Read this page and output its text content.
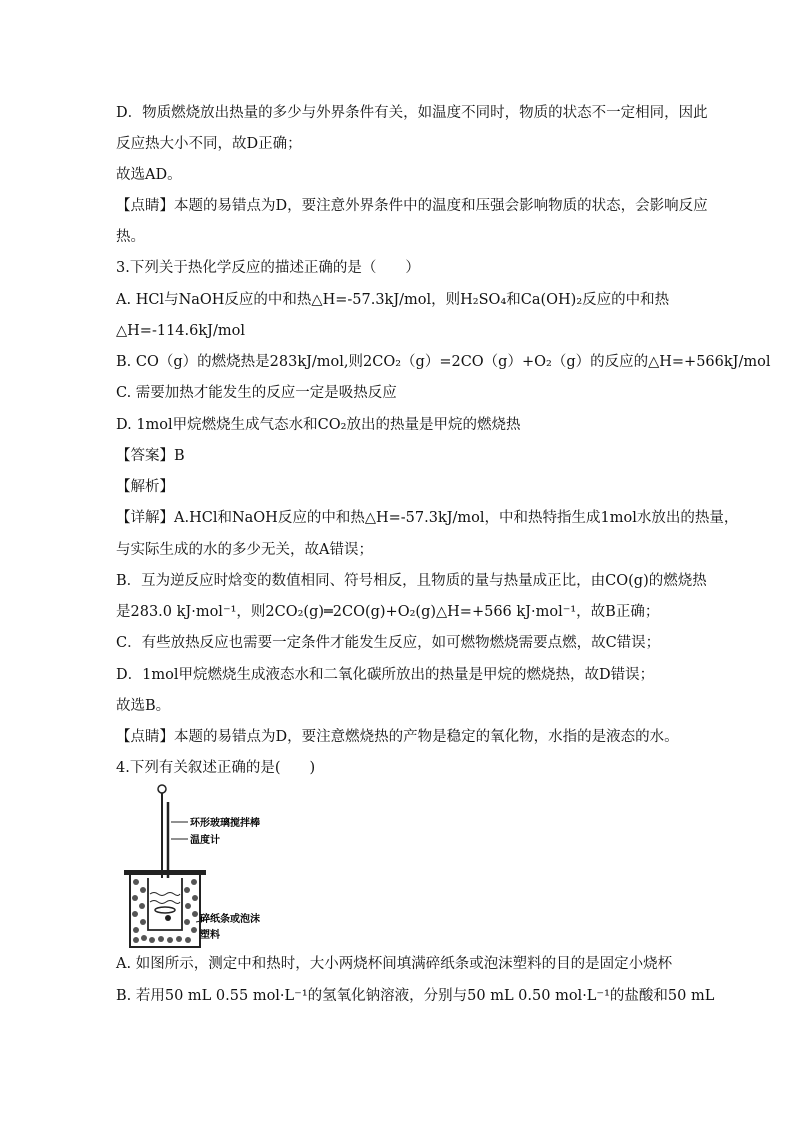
D．物质燃烧放出热量的多少与外界条件有关，如温度不同时，物质的状态不一定相同，因此
反应热大小不同，故D正确；
故选AD。
【点睛】本题的易错点为D，要注意外界条件中的温度和压强会影响物质的状态，会影响反应
热。
3.下列关于热化学反应的描述正确的是（　　）
A. HCl与NaOH反应的中和热△H=-57.3kJ/mol，则H₂SO₄和Ca(OH)₂反应的中和热
△H=-114.6kJ/mol
B. CO（g）的燃烧热是283kJ/mol,则2CO₂（g）=2CO（g）+O₂（g）的反应的△H=+566kJ/mol
C. 需要加热才能发生的反应一定是吸热反应
D. 1mol甲烷燃烧生成气态水和CO₂放出的热量是甲烷的燃烧热
【答案】B
【解析】
【详解】A.HCl和NaOH反应的中和热△H=-57.3kJ/mol，中和热特指生成1mol水放出的热量，
与实际生成的水的多少无关，故A错误；
B．互为逆反应时焓变的数值相同、符号相反，且物质的量与热量成正比，由CO(g)的燃烧热
是283.0 kJ·mol⁻¹，则2CO₂(g)═2CO(g)+O₂(g)△H=+566 kJ·mol⁻¹，故B正确；
C．有些放热反应也需要一定条件才能发生反应，如可燃物燃烧需要点燃，故C错误；
D．1mol甲烷燃烧生成液态水和二氧化碳所放出的热量是甲烷的燃烧热，故D错误；
故选B。
【点睛】本题的易错点为D，要注意燃烧热的产物是稳定的氧化物，水指的是液态的水。
4.下列有关叙述正确的是(　　)
环形玻璃搅拌棒
温度计
碎纸条或泡沫
塑料
A. 如图所示，测定中和热时，大小两烧杯间填满碎纸条或泡沫塑料的目的是固定小烧杯
B. 若用50 mL 0.55 mol·L⁻¹的氢氧化钠溶液，分别与50 mL 0.50 mol·L⁻¹的盐酸和50 mL
